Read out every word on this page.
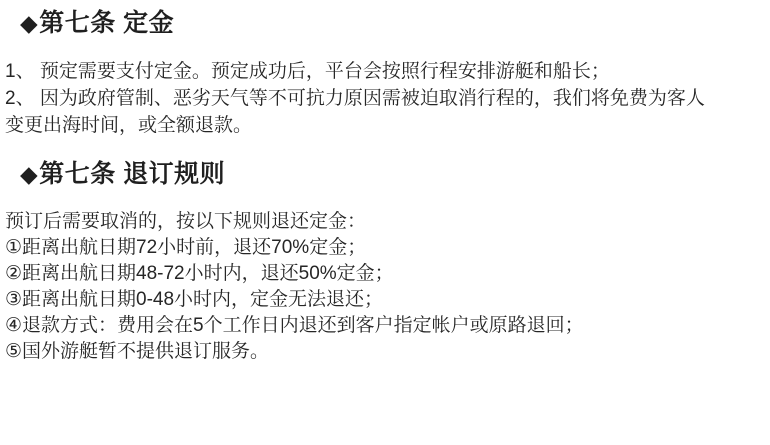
◆第七条 定金

1、 预定需要支付定金。预定成功后，平台会按照行程安排游艇和船长；

2、 因为政府管制、恶劣天气等不可抗力原因需被迫取消行程的，我们将免费为客人

变更出海时间，或全额退款。

◆第七条 退订规则

预订后需要取消的，按以下规则退还定金：

①距离出航日期72小时前，退还70%定金；

②距离出航日期48-72小时内，退还50%定金；

③距离出航日期0-48小时内，定金无法退还；

④退款方式：费用会在5个工作日内退还到客户指定帐户或原路退回；

⑤国外游艇暂不提供退订服务。
